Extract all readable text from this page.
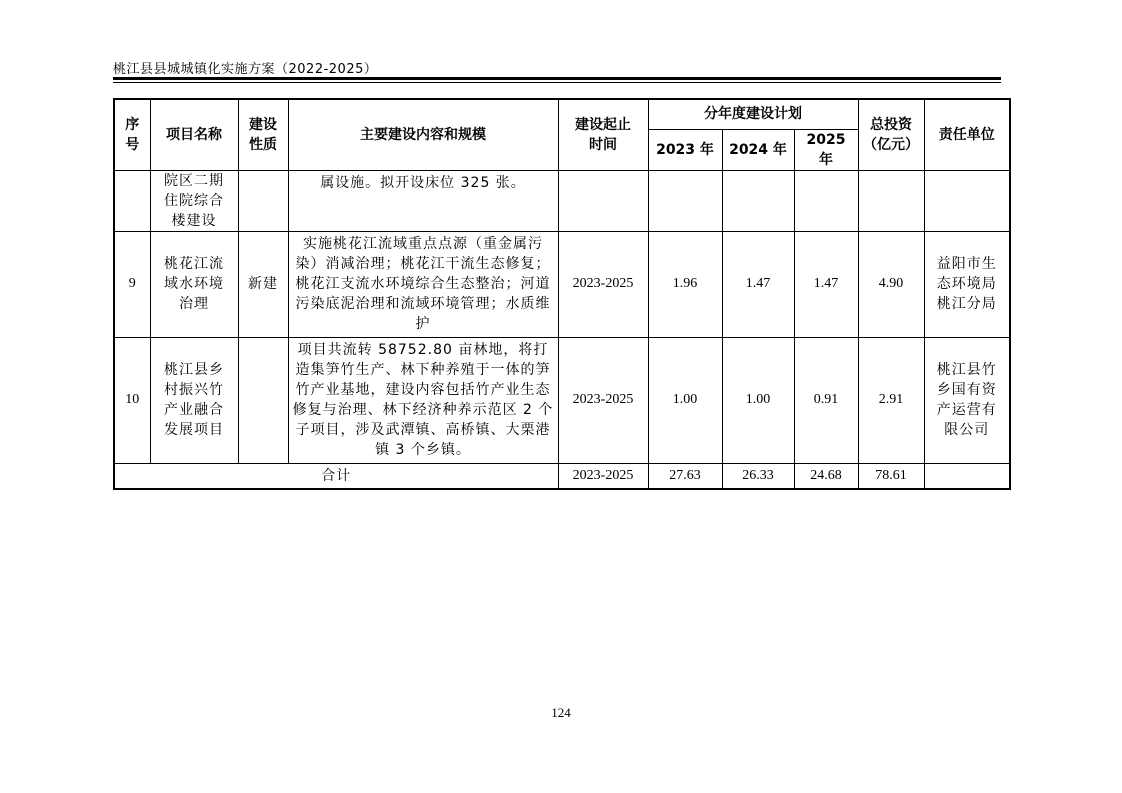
桃江县县城城镇化实施方案（2022-2025）
序号	项目名称	建设性质	主要建设内容和规模	建设起止时间	分年度建设计划			总投资（亿元）	责任单位
					2023 年	2024 年	2025 年		
	院区二期住院综合楼建设		属设施。拟开设床位 325 张。						
9	桃花江流域水环境治理	新建	实施桃花江流域重点点源（重金属污染）消减治理；桃花江干流生态修复；桃花江支流水环境综合生态整治；河道污染底泥治理和流域环境管理；水质维护	2023-2025	1.96	1.47	1.47	4.90	益阳市生态环境局桃江分局
10	桃江县乡村振兴竹产业融合发展项目		项目共流转 58752.80 亩林地，将打造集笋竹生产、林下种养殖于一体的笋竹产业基地，建设内容包括竹产业生态修复与治理、林下经济种养示范区 2 个子项目，涉及武潭镇、高桥镇、大栗港镇 3 个乡镇。	2023-2025	1.00	1.00	0.91	2.91	桃江县竹乡国有资产运营有限公司
合计				2023-2025	27.63	26.33	24.68	78.61	
124
